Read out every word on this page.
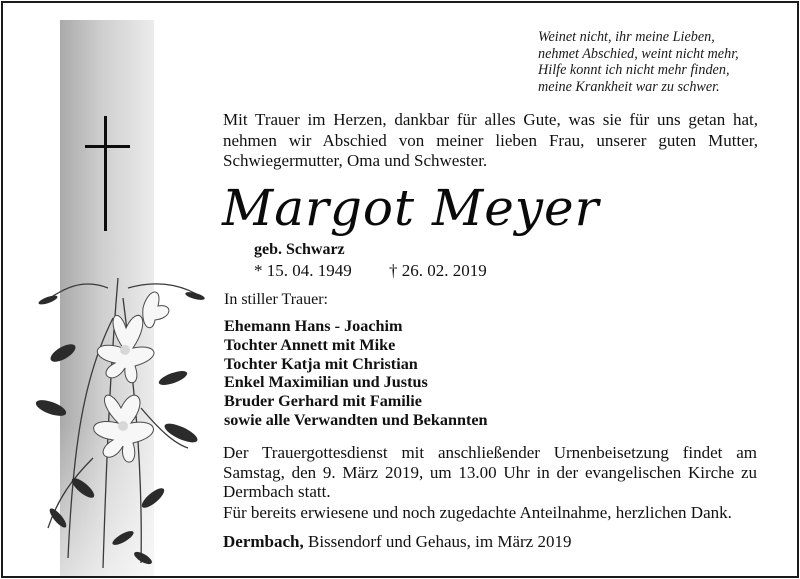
Weinet nicht, ihr meine Lieben,
nehmet Abschied, weint nicht mehr,
Hilfe konnt ich nicht mehr finden,
meine Krankheit war zu schwer.
Mit Trauer im Herzen, dankbar für alles Gute, was sie für uns getan hat, nehmen wir Abschied von meiner lieben Frau, unserer guten Mutter, Schwiegermutter, Oma und Schwester.
Margot Meyer
geb. Schwarz
* 15. 04. 1949 † 26. 02. 2019
In stiller Trauer:
Ehemann Hans - Joachim
Tochter Annett mit Mike
Tochter Katja mit Christian
Enkel Maximilian und Justus
Bruder Gerhard mit Familie
sowie alle Verwandten und Bekannten
Der Trauergottesdienst mit anschließender Urnenbeisetzung findet am Samstag, den 9. März 2019, um 13.00 Uhr in der evangelischen Kirche zu Dermbach statt.
Für bereits erwiesene und noch zugedachte Anteilnahme, herzlichen Dank.
Dermbach, Bissendorf und Gehaus, im März 2019
